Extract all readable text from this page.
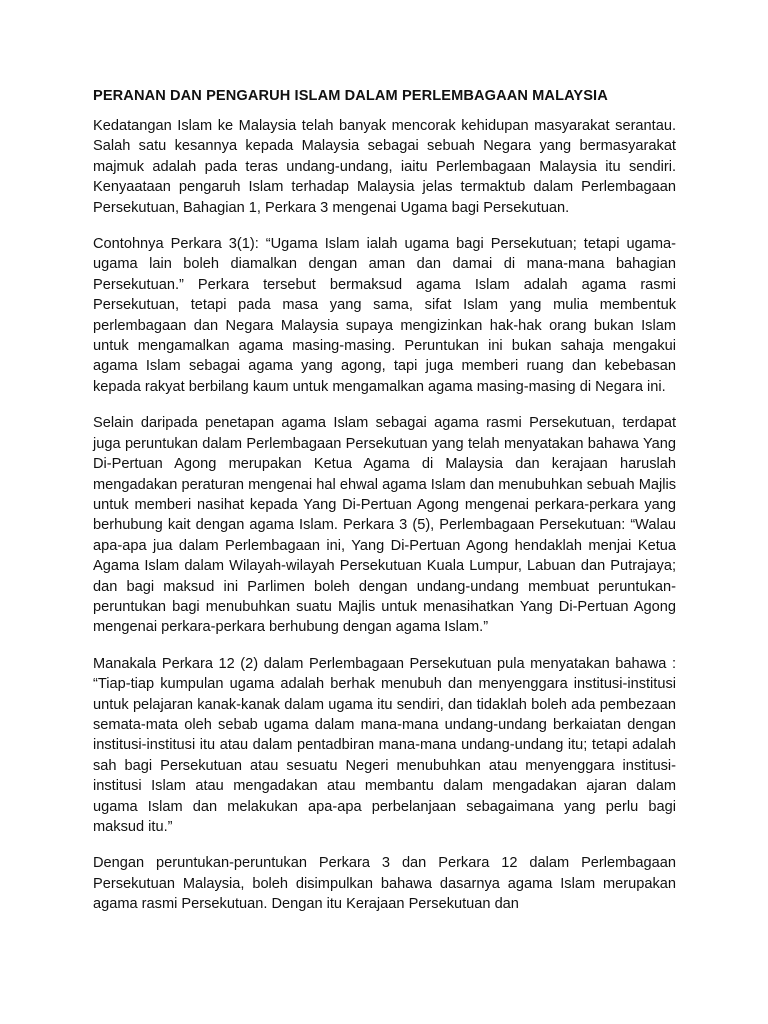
PERANAN DAN PENGARUH ISLAM DALAM PERLEMBAGAAN MALAYSIA

Kedatangan Islam ke Malaysia telah banyak mencorak kehidupan masyarakat serantau. Salah satu kesannya kepada Malaysia sebagai sebuah Negara yang bermasyarakat majmuk adalah pada teras undang-undang, iaitu Perlembagaan Malaysia itu sendiri. Kenyaataan pengaruh Islam terhadap Malaysia jelas termaktub dalam Perlembagaan Persekutuan, Bahagian 1, Perkara 3 mengenai Ugama bagi Persekutuan.

Contohnya Perkara 3(1): “Ugama Islam ialah ugama bagi Persekutuan; tetapi ugama-ugama lain boleh diamalkan dengan aman dan damai di mana-mana bahagian Persekutuan.” Perkara tersebut bermaksud agama Islam adalah agama rasmi Persekutuan, tetapi pada masa yang sama, sifat Islam yang mulia membentuk perlembagaan dan Negara Malaysia supaya mengizinkan hak-hak orang bukan Islam untuk mengamalkan agama masing-masing. Peruntukan ini bukan sahaja mengakui agama Islam sebagai agama yang agong, tapi juga memberi ruang dan kebebasan kepada rakyat berbilang kaum untuk mengamalkan agama masing-masing di Negara ini.

Selain daripada penetapan agama Islam sebagai agama rasmi Persekutuan, terdapat juga peruntukan dalam Perlembagaan Persekutuan yang telah menyatakan bahawa Yang Di-Pertuan Agong merupakan Ketua Agama di Malaysia dan kerajaan haruslah mengadakan peraturan mengenai hal ehwal agama Islam dan menubuhkan sebuah Majlis untuk memberi nasihat kepada Yang Di-Pertuan Agong mengenai perkara-perkara yang berhubung kait dengan agama Islam. Perkara 3 (5), Perlembagaan Persekutuan: “Walau apa-apa jua dalam Perlembagaan ini, Yang Di-Pertuan Agong hendaklah menjai Ketua Agama Islam dalam Wilayah-wilayah Persekutuan Kuala Lumpur, Labuan dan Putrajaya; dan bagi maksud ini Parlimen boleh dengan undang-undang membuat peruntukan-peruntukan bagi menubuhkan suatu Majlis untuk menasihatkan Yang Di-Pertuan Agong mengenai perkara-perkara berhubung dengan agama Islam.”

Manakala Perkara 12 (2) dalam Perlembagaan Persekutuan pula menyatakan bahawa : “Tiap-tiap kumpulan ugama adalah berhak menubuh dan menyenggara institusi-institusi untuk pelajaran kanak-kanak dalam ugama itu sendiri, dan tidaklah boleh ada pembezaan semata-mata oleh sebab ugama dalam mana-mana undang-undang berkaiatan dengan institusi-institusi itu atau dalam pentadbiran mana-mana undang-undang itu; tetapi adalah sah bagi Persekutuan atau sesuatu Negeri menubuhkan atau menyenggara institusi-institusi Islam atau mengadakan atau membantu dalam mengadakan ajaran dalam ugama Islam dan melakukan apa-apa perbelanjaan sebagaimana yang perlu bagi maksud itu.”

Dengan peruntukan-peruntukan Perkara 3 dan Perkara 12 dalam Perlembagaan Persekutuan Malaysia, boleh disimpulkan bahawa dasarnya agama Islam merupakan agama rasmi Persekutuan. Dengan itu Kerajaan Persekutuan dan
